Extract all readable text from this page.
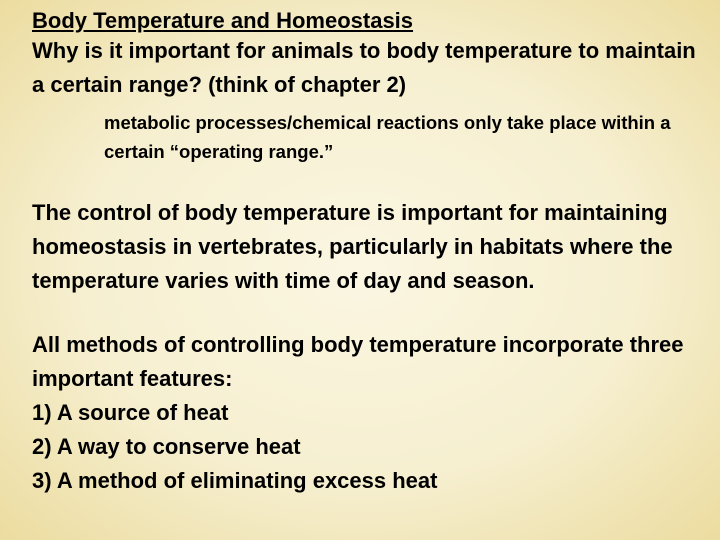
Body Temperature and Homeostasis
Why is it important for animals to body temperature to maintain a certain range? (think of chapter 2)
metabolic processes/chemical reactions only take place within a certain “operating range.”
The control of body temperature is important for maintaining homeostasis in vertebrates, particularly in habitats where the temperature varies with time of day and season.
All methods of controlling body temperature incorporate three important features:
1) A source of heat
2) A way to conserve heat
3) A method of eliminating excess heat
